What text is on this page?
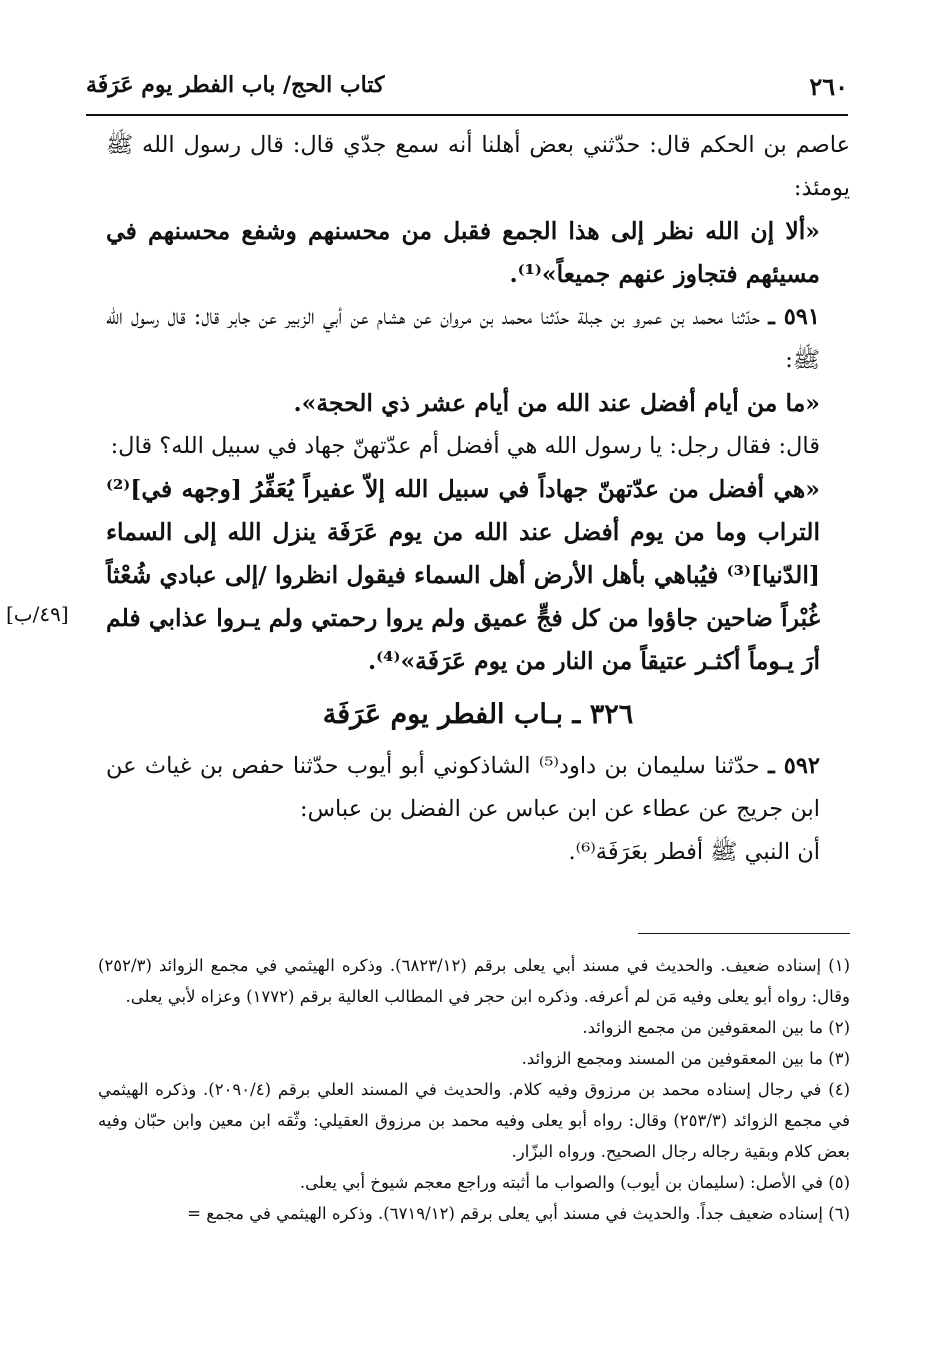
٢٦٠
كتاب الحج/ باب الفطر يوم عَرَفَة

عاصم بن الحكم قال: حدّثني بعض أهلنا أنه سمع جدّي قال: قال رسول الله ﷺ يومئذ:

«ألا إن الله نظر إلى هذا الجمع فقبل من محسنهم وشفع محسنهم في مسيئهم فتجاوز عنهم جميعاً»⁽¹⁾.

٥٩١ ـ حدّثنا محمد بن عمرو بن جبلة حدّثنا محمد بن مروان عن هشام عن أبي الزبير عن جابر قال: قال رسول الله ﷺ:

«ما من أيام أفضل عند الله من أيام عشر ذي الحجة».

قال: فقال رجل: يا رسول الله هي أفضل أم عدّتهنّ جهاد في سبيل الله؟ قال:

«هي أفضل من عدّتهنّ جهاداً في سبيل الله إلاّ عفيراً يُعَفِّرُ [وجهه في]⁽²⁾ التراب وما من يوم أفضل عند الله من يوم عَرَفَة ينزل الله إلى السماء [الدّنيا]⁽³⁾ فيُباهي بأهل الأرض أهل السماء فيقول انظروا /إلى عبادي شُعْثاً غُبْراً ضاحين جاؤوا من كل فجٍّ عميق ولم يروا رحمتي ولم يـروا عذابي فلم أرَ يـوماً أكثـر عتيقاً من النار من يوم عَرَفَة»⁽⁴⁾.

٣٢٦ ـ بـاب الفطر يوم عَرَفَة

٥٩٢ ـ حدّثنا سليمان بن داود⁽⁵⁾ الشاذكوني أبو أيوب حدّثنا حفص بن غياث عن ابن جريج عن عطاء عن ابن عباس عن الفضل بن عباس:

أن النبي ﷺ أفطر بعَرَفَة⁽⁶⁾.

[٤٩/ب]

(١) إسناده ضعيف. والحديث في مسند أبي يعلى برقم (٦٨٢٣/١٢). وذكره الهيثمي في مجمع الزوائد (٢٥٢/٣) وقال: رواه أبو يعلى وفيه مَن لم أعرفه. وذكره ابن حجر في المطالب العالية برقم (١٧٧٢) وعزاه لأبي يعلى.

(٢) ما بين المعقوفين من مجمع الزوائد.

(٣) ما بين المعقوفين من المسند ومجمع الزوائد.

(٤) في رجال إسناده محمد بن مرزوق وفيه كلام. والحديث في المسند العلي برقم (٢٠٩٠/٤). وذكره الهيثمي في مجمع الزوائد (٢٥٣/٣) وقال: رواه أبو يعلى وفيه محمد بن مرزوق العقيلي: وثّقه ابن معين وابن حبّان وفيه بعض كلام وبقية رجاله رجال الصحيح. ورواه البزّار.

(٥) في الأصل: (سليمان بن أيوب) والصواب ما أثبته وراجع معجم شيوخ أبي يعلى.

(٦) إسناده ضعيف جداً. والحديث في مسند أبي يعلى برقم (٦٧١٩/١٢). وذكره الهيثمي في مجمع =
